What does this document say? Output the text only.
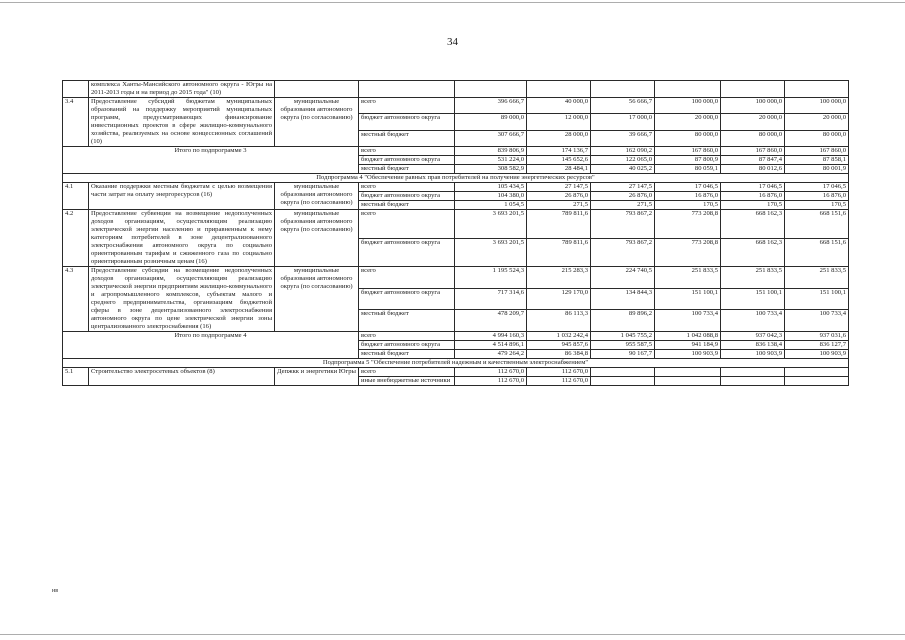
34
	комплекса Ханты-Мансийского автономного округа - Югры на 2011-2013 годы и на период до 2015 года" (10)								
3.4	Предоставление субсидий бюджетам муниципальных образований на поддержку мероприятий муниципальных программ, предусматривающих финансирование инвестиционных проектов в сфере жилищно-коммунального хозяйства, реализуемых на основе концессионных соглашений (10)	муниципальные образования автономного округа (по согласованию)	всего	396 666,7	40 000,0	56 666,7	100 000,0	100 000,0	100 000,0
			бюджет автономного округа	89 000,0	12 000,0	17 000,0	20 000,0	20 000,0	20 000,0
			местный бюджет	307 666,7	28 000,0	39 666,7	80 000,0	80 000,0	80 000,0
Итого по подпрограмме 3			всего	839 806,9	174 136,7	162 090,2	167 860,0	167 860,0	167 860,0
			бюджет автономного округа	531 224,0	145 652,6	122 065,0	87 800,9	87 847,4	87 858,1
			местный бюджет	308 582,9	28 484,1	40 025,2	80 059,1	80 012,6	80 001,9
Подпрограмма 4 "Обеспечение равных прав потребителей на получение энергетических ресурсов"									
4.1	Оказание поддержки местным бюджетам с целью возмещения части затрат на оплату энергоресурсов (16)	муниципальные образования автономного округа (по согласованию)	всего	105 434,5	27 147,5	27 147,5	17 046,5	17 046,5	17 046,5
			бюджет автономного округа	104 380,0	26 876,0	26 876,0	16 876,0	16 876,0	16 876,0
			местный бюджет	1 054,5	271,5	271,5	170,5	170,5	170,5
4.2	Предоставление субвенции на возмещение недополученных доходов организациям, осуществляющим реализацию электрической энергии населению и приравненным к нему категориям потребителей в зоне децентрализованного электроснабжения автономного округа по социально ориентированным тарифам и сжиженного газа по социально ориентированным розничным ценам (16)	муниципальные образования автономного округа (по согласованию)	всего	3 693 201,5	789 811,6	793 867,2	773 208,8	668 162,3	668 151,6
			бюджет автономного округа	3 693 201,5	789 811,6	793 867,2	773 208,8	668 162,3	668 151,6
4.3	Предоставление субсидии на возмещение недополученных доходов организациям, осуществляющим реализацию электрической энергии предприятиям жилищно-коммунального и агропромышленного комплексов, субъектам малого и среднего предпринимательства, организациям бюджетной сферы в зоне децентрализованного электроснабжения автономного округа по цене электрической энергии зоны централизованного электроснабжения (16)	муниципальные образования автономного округа (по согласованию)	всего	1 195 524,3	215 283,3	224 740,5	251 833,5	251 833,5	251 833,5
			бюджет автономного округа	717 314,6	129 170,0	134 844,3	151 100,1	151 100,1	151 100,1
			местный бюджет	478 209,7	86 113,3	89 896,2	100 733,4	100 733,4	100 733,4
Итого по подпрограмме 4			всего	4 994 160,3	1 032 242,4	1 045 755,2	1 042 088,8	937 042,3	937 031,6
			бюджет автономного округа	4 514 896,1	945 857,6	955 587,5	941 184,9	836 138,4	836 127,7
			местный бюджет	479 264,2	86 384,8	90 167,7	100 903,9	100 903,9	100 903,9
Подпрограмма 5 "Обеспечение потребителей надежным и качественным электроснабжением"									
5.1	Строительство электросетевых объектов (8)	Депжкк и энергетики Югры	всего	112 670,0	112 670,0				
			иные внебюджетные источники	112 670,0	112 670,0				
нв
